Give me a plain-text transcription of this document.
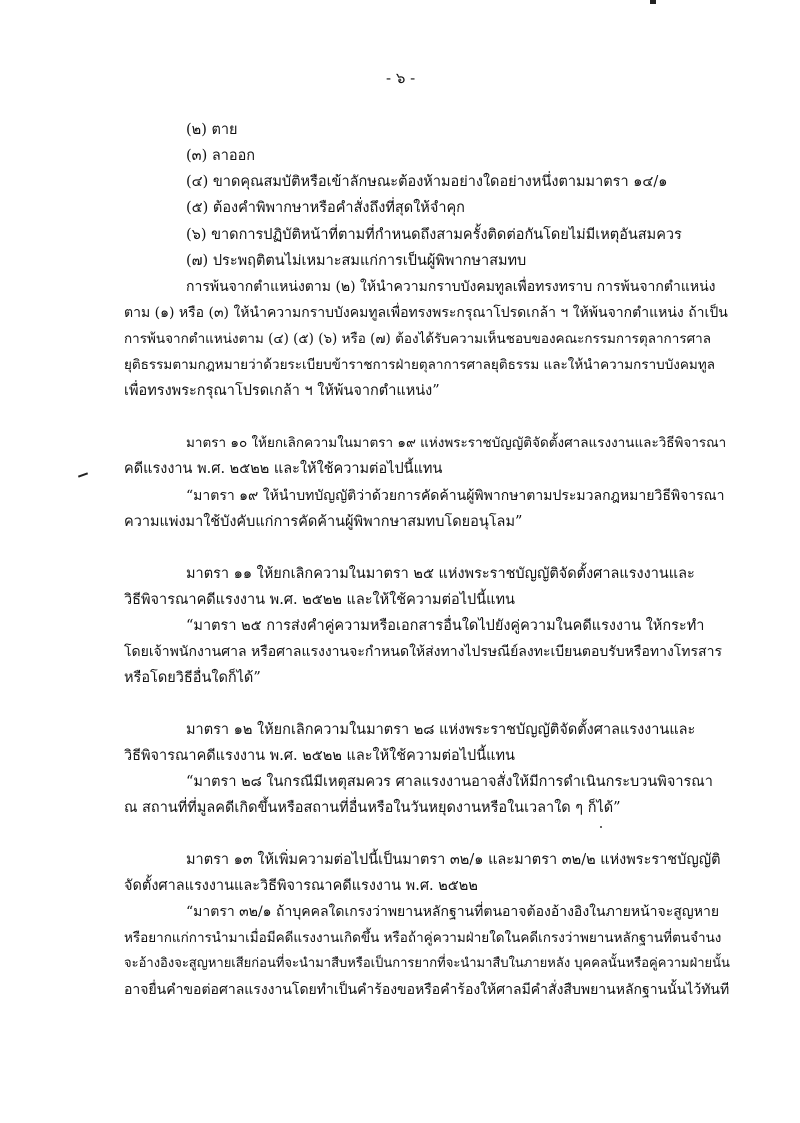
- ๖ -
(๒) ตาย
(๓) ลาออก
(๔) ขาดคุณสมบัติหรือเข้าลักษณะต้องห้ามอย่างใดอย่างหนึ่งตามมาตรา ๑๔/๑
(๕) ต้องคำพิพากษาหรือคำสั่งถึงที่สุดให้จำคุก
(๖) ขาดการปฏิบัติหน้าที่ตามที่กำหนดถึงสามครั้งติดต่อกันโดยไม่มีเหตุอันสมควร
(๗) ประพฤติตนไม่เหมาะสมแก่การเป็นผู้พิพากษาสมทบ
การพ้นจากตำแหน่งตาม (๒) ให้นำความกราบบังคมทูลเพื่อทรงทราบ การพ้นจากตำแหน่ง
ตาม (๑) หรือ (๓) ให้นำความกราบบังคมทูลเพื่อทรงพระกรุณาโปรดเกล้า ฯ ให้พ้นจากตำแหน่ง ถ้าเป็น
การพ้นจากตำแหน่งตาม (๔) (๕) (๖) หรือ (๗) ต้องได้รับความเห็นชอบของคณะกรรมการตุลาการศาล
ยุติธรรมตามกฎหมายว่าด้วยระเบียบข้าราชการฝ่ายตุลาการศาลยุติธรรม และให้นำความกราบบังคมทูล
เพื่อทรงพระกรุณาโปรดเกล้า ฯ ให้พ้นจากตำแหน่ง”
มาตรา ๑๐ ให้ยกเลิกความในมาตรา ๑๙ แห่งพระราชบัญญัติจัดตั้งศาลแรงงานและวิธีพิจารณา
คดีแรงงาน พ.ศ. ๒๕๒๒ และให้ใช้ความต่อไปนี้แทน
“มาตรา ๑๙ ให้นำบทบัญญัติว่าด้วยการคัดค้านผู้พิพากษาตามประมวลกฎหมายวิธีพิจารณา
ความแพ่งมาใช้บังคับแก่การคัดค้านผู้พิพากษาสมทบโดยอนุโลม”
มาตรา ๑๑ ให้ยกเลิกความในมาตรา ๒๕ แห่งพระราชบัญญัติจัดตั้งศาลแรงงานและ
วิธีพิจารณาคดีแรงงาน พ.ศ. ๒๕๒๒ และให้ใช้ความต่อไปนี้แทน
“มาตรา ๒๕ การส่งคำคู่ความหรือเอกสารอื่นใดไปยังคู่ความในคดีแรงงาน ให้กระทำ
โดยเจ้าพนักงานศาล หรือศาลแรงงานจะกำหนดให้ส่งทางไปรษณีย์ลงทะเบียนตอบรับหรือทางโทรสาร
หรือโดยวิธีอื่นใดก็ได้”
มาตรา ๑๒ ให้ยกเลิกความในมาตรา ๒๘ แห่งพระราชบัญญัติจัดตั้งศาลแรงงานและ
วิธีพิจารณาคดีแรงงาน พ.ศ. ๒๕๒๒ และให้ใช้ความต่อไปนี้แทน
“มาตรา ๒๘ ในกรณีมีเหตุสมควร ศาลแรงงานอาจสั่งให้มีการดำเนินกระบวนพิจารณา
ณ สถานที่ที่มูลคดีเกิดขึ้นหรือสถานที่อื่นหรือในวันหยุดงานหรือในเวลาใด ๆ ก็ได้”
มาตรา ๑๓ ให้เพิ่มความต่อไปนี้เป็นมาตรา ๓๒/๑ และมาตรา ๓๒/๒ แห่งพระราชบัญญัติ
จัดตั้งศาลแรงงานและวิธีพิจารณาคดีแรงงาน พ.ศ. ๒๕๒๒
“มาตรา ๓๒/๑ ถ้าบุคคลใดเกรงว่าพยานหลักฐานที่ตนอาจต้องอ้างอิงในภายหน้าจะสูญหาย
หรือยากแก่การนำมาเมื่อมีคดีแรงงานเกิดขึ้น หรือถ้าคู่ความฝ่ายใดในคดีเกรงว่าพยานหลักฐานที่ตนจำนง
จะอ้างอิงจะสูญหายเสียก่อนที่จะนำมาสืบหรือเป็นการยากที่จะนำมาสืบในภายหลัง บุคคลนั้นหรือคู่ความฝ่ายนั้น
อาจยื่นคำขอต่อศาลแรงงานโดยทำเป็นคำร้องขอหรือคำร้องให้ศาลมีคำสั่งสืบพยานหลักฐานนั้นไว้ทันที
